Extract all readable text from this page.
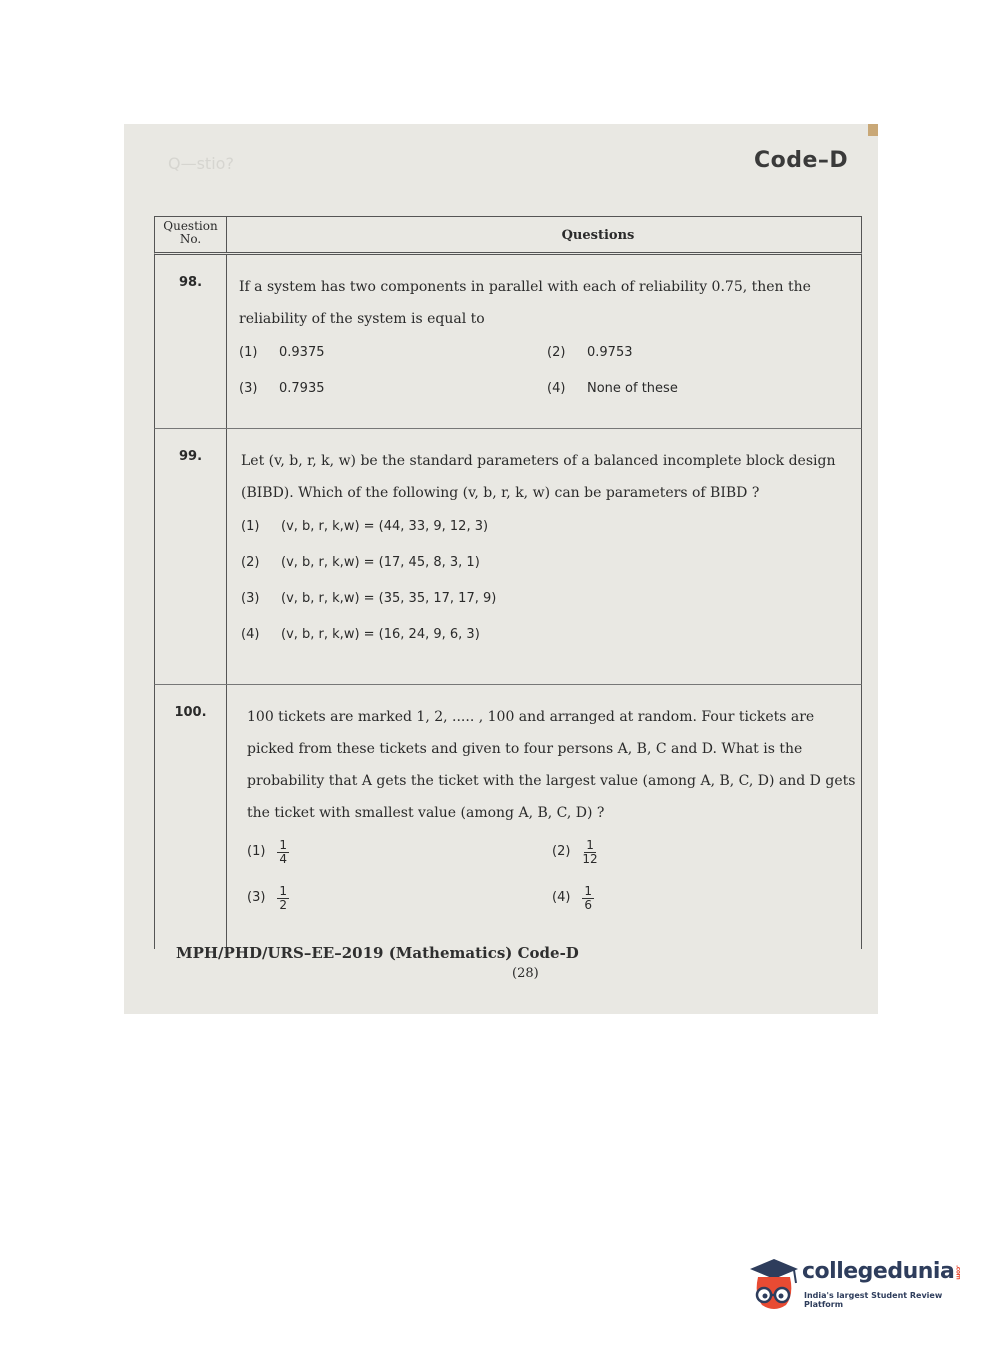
Q—stio?	Code–D
Question No.	Questions
98.	If a system has two components in parallel with each of reliability 0.75, then the reliability of the system is equal to

(1) 0.9375	(2) 0.9753
(3) 0.7935	(4) None of these
99.	Let (v, b, r, k, w) be the standard parameters of a balanced incomplete block design (BIBD). Which of the following (v, b, r, k, w) can be parameters of BIBD ?

(1) (v, b, r, k,w) = (44, 33, 9, 12, 3)
(2) (v, b, r, k,w) = (17, 45, 8, 3, 1)
(3) (v, b, r, k,w) = (35, 35, 17, 17, 9)
(4) (v, b, r, k,w) = (16, 24, 9, 6, 3)
100.	100 tickets are marked 1, 2, ..... , 100 and arranged at random. Four tickets are picked from these tickets and given to four persons A, B, C and D. What is the probability that A gets the ticket with the largest value (among A, B, C, D) and D gets the ticket with smallest value (among A, B, C, D) ?

$(1) \frac{1}{4}$	$(2) \frac{1}{12}$
$(3) \frac{1}{2}$	$(4) \frac{1}{6}$
MPH/PHD/URS–EE–2019 (Mathematics) Code-D
(28)
collegedunia.com
India's largest Student Review Platform
